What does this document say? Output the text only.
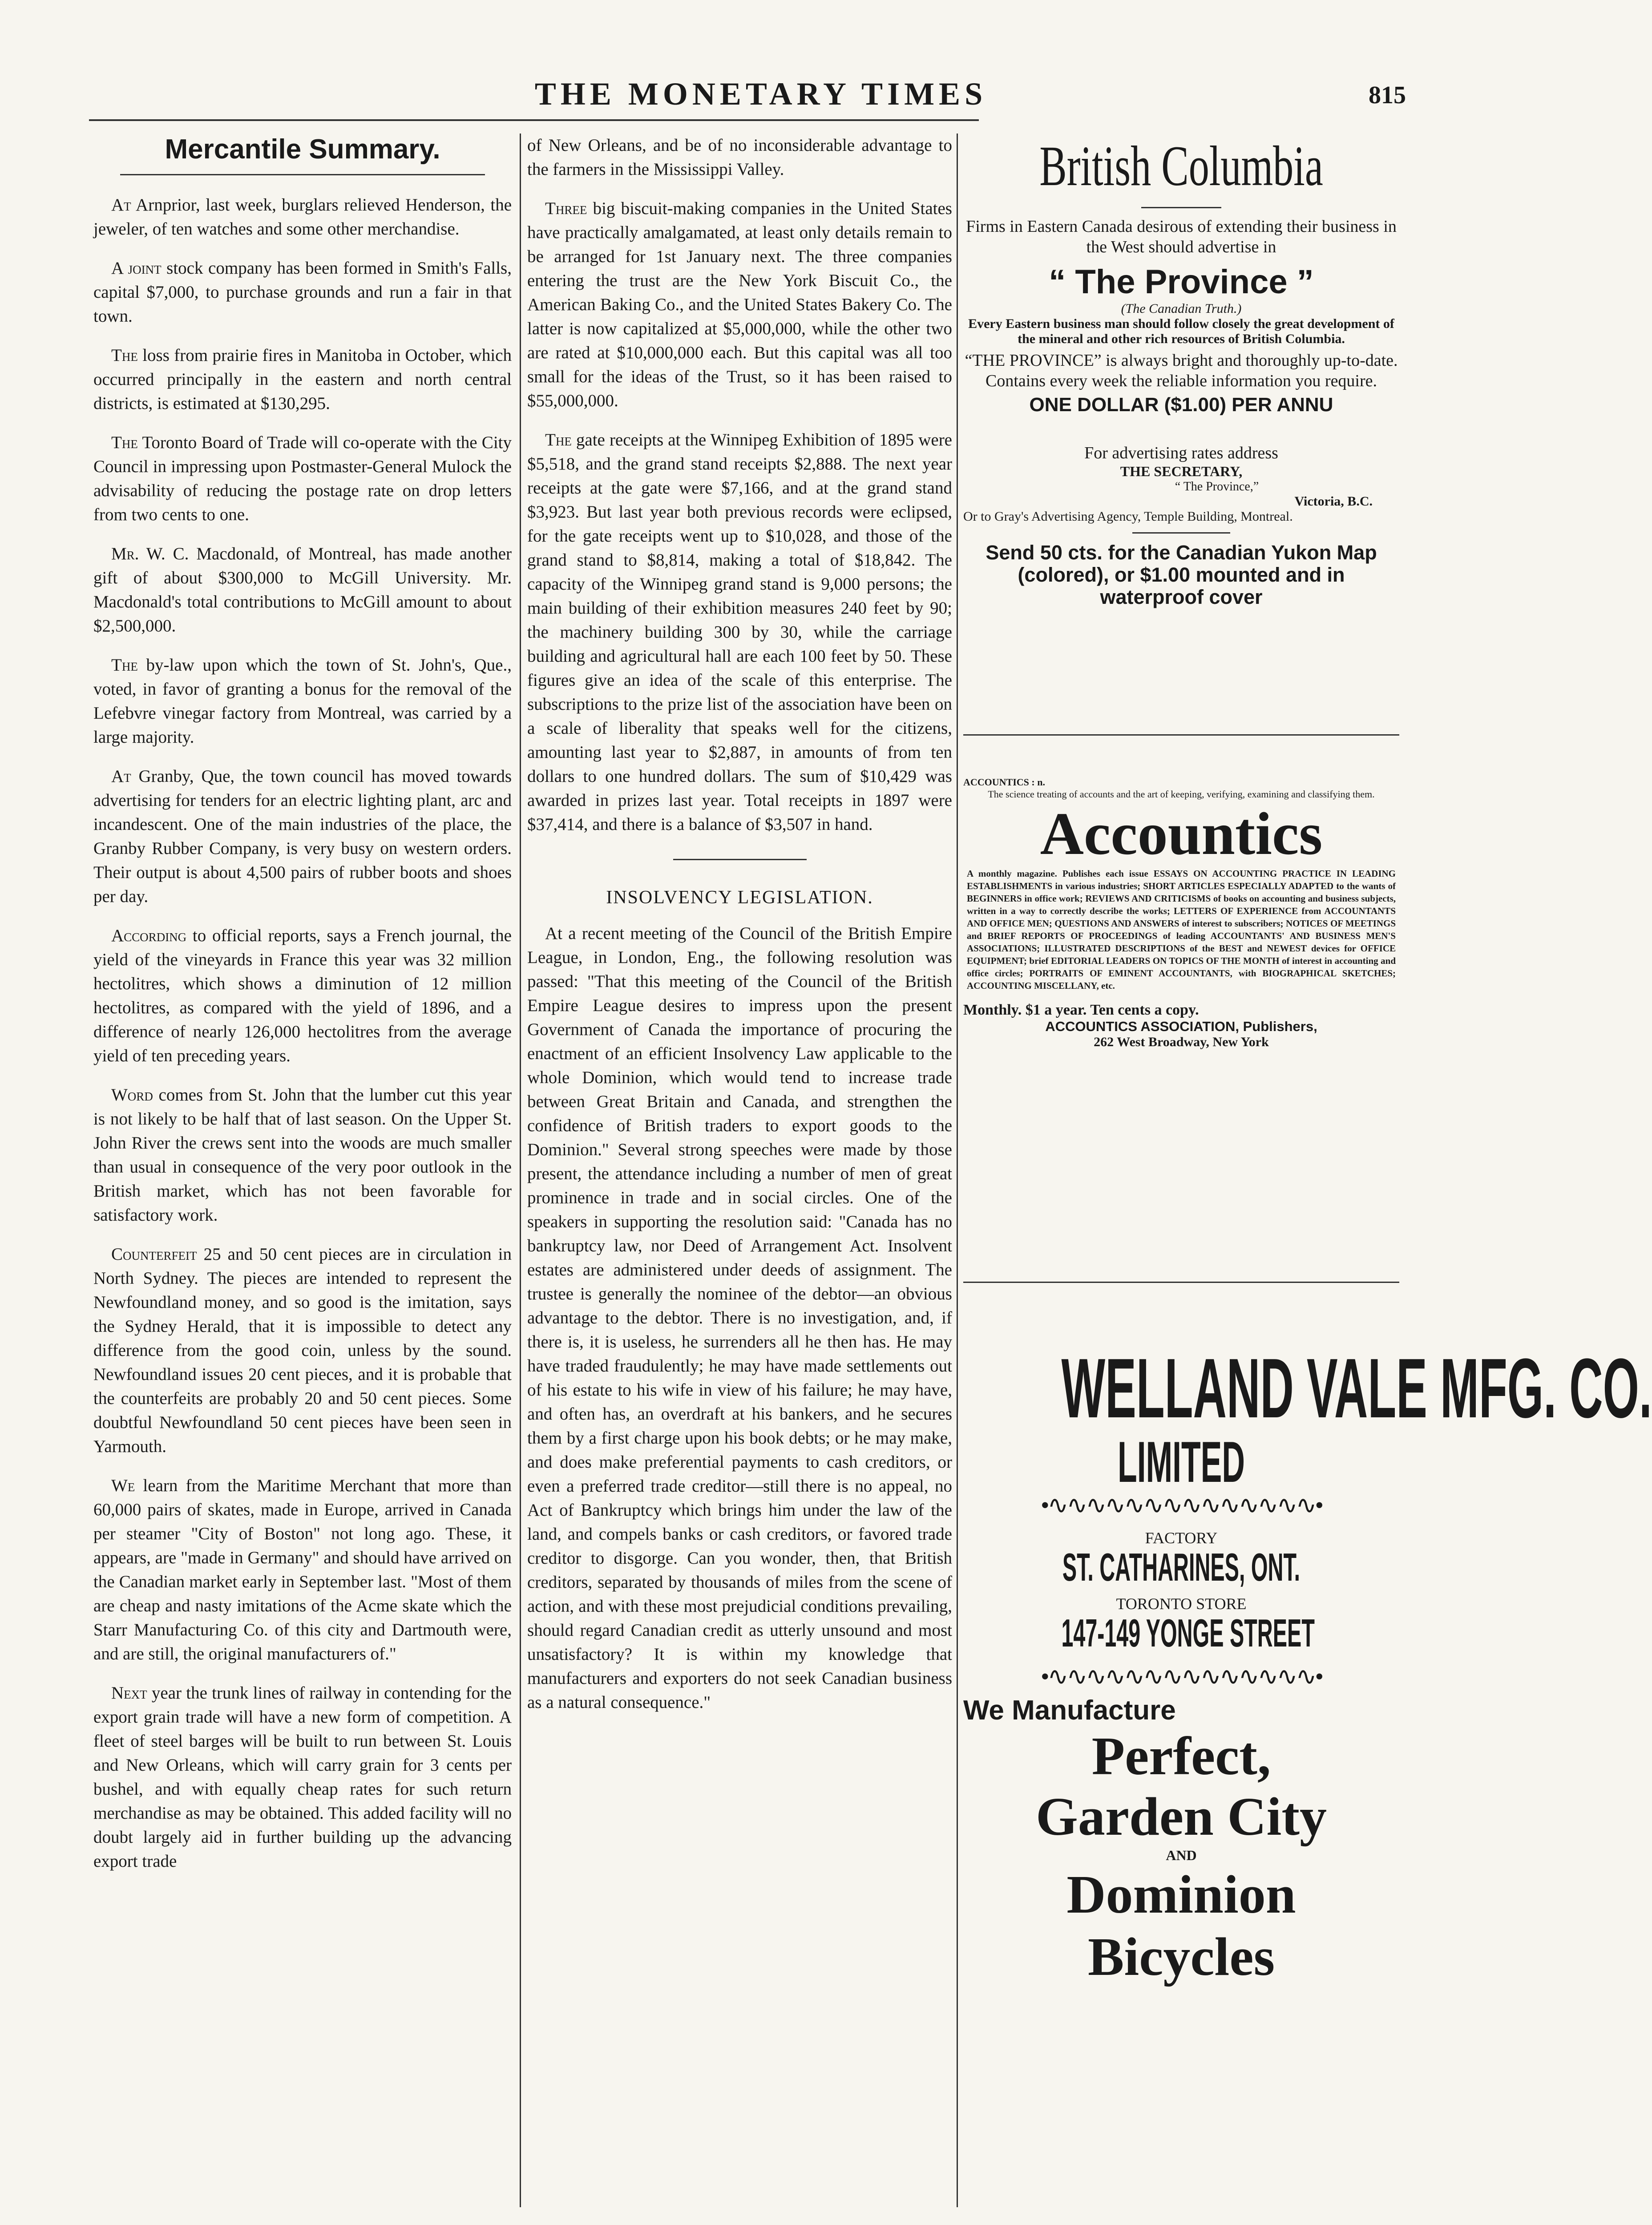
THE MONETARY TIMES	815
Mercantile Summary.
At Arnprior, last week, burglars relieved Henderson, the jeweler, of ten watches and some other merchandise.
A joint stock company has been formed in Smith's Falls, capital $7,000, to purchase grounds and run a fair in that town.
The loss from prairie fires in Manitoba in October, which occurred principally in the eastern and north central districts, is estimated at $130,295.
The Toronto Board of Trade will co-operate with the City Council in impressing upon Postmaster-General Mulock the advisability of reducing the postage rate on drop letters from two cents to one.
Mr. W. C. Macdonald, of Montreal, has made another gift of about $300,000 to McGill University. Mr. Macdonald's total contributions to McGill amount to about $2,500,000.
The by-law upon which the town of St. John's, Que., voted, in favor of granting a bonus for the removal of the Lefebvre vinegar factory from Montreal, was carried by a large majority.
At Granby, Que, the town council has moved towards advertising for tenders for an electric lighting plant, arc and incandescent. One of the main industries of the place, the Granby Rubber Company, is very busy on western orders. Their output is about 4,500 pairs of rubber boots and shoes per day.
According to official reports, says a French journal, the yield of the vineyards in France this year was 32 million hectolitres, which shows a diminution of 12 million hectolitres, as compared with the yield of 1896, and a difference of nearly 126,000 hectolitres from the average yield of ten preceding years.
Word comes from St. John that the lumber cut this year is not likely to be half that of last season. On the Upper St. John River the crews sent into the woods are much smaller than usual in consequence of the very poor outlook in the British market, which has not been favorable for satisfactory work.
Counterfeit 25 and 50 cent pieces are in circulation in North Sydney. The pieces are intended to represent the Newfoundland money, and so good is the imitation, says the Sydney Herald, that it is impossible to detect any difference from the good coin, unless by the sound. Newfoundland issues 20 cent pieces, and it is probable that the counterfeits are probably 20 and 50 cent pieces. Some doubtful Newfoundland 50 cent pieces have been seen in Yarmouth.
We learn from the Maritime Merchant that more than 60,000 pairs of skates, made in Europe, arrived in Canada per steamer "City of Boston" not long ago. These, it appears, are "made in Germany" and should have arrived on the Canadian market early in September last. "Most of them are cheap and nasty imitations of the Acme skate which the Starr Manufacturing Co. of this city and Dartmouth were, and are still, the original manufacturers of."
Next year the trunk lines of railway in contending for the export grain trade will have a new form of competition. A fleet of steel barges will be built to run between St. Louis and New Orleans, which will carry grain for 3 cents per bushel, and with equally cheap rates for such return merchandise as may be obtained. This added facility will no doubt largely aid in further building up the advancing export trade
of New Orleans, and be of no inconsiderable advantage to the farmers in the Mississippi Valley.
Three big biscuit-making companies in the United States have practically amalgamated, at least only details remain to be arranged for 1st January next. The three companies entering the trust are the New York Biscuit Co., the American Baking Co., and the United States Bakery Co. The latter is now capitalized at $5,000,000, while the other two are rated at $10,000,000 each. But this capital was all too small for the ideas of the Trust, so it has been raised to $55,000,000.
The gate receipts at the Winnipeg Exhibition of 1895 were $5,518, and the grand stand receipts $2,888. The next year receipts at the gate were $7,166, and at the grand stand $3,923. But last year both previous records were eclipsed, for the gate receipts went up to $10,028, and those of the grand stand to $8,814, making a total of $18,842. The capacity of the Winnipeg grand stand is 9,000 persons; the main building of their exhibition measures 240 feet by 90; the machinery building 300 by 30, while the carriage building and agricultural hall are each 100 feet by 50. These figures give an idea of the scale of this enterprise. The subscriptions to the prize list of the association have been on a scale of liberality that speaks well for the citizens, amounting last year to $2,887, in amounts of from ten dollars to one hundred dollars. The sum of $10,429 was awarded in prizes last year. Total receipts in 1897 were $37,414, and there is a balance of $3,507 in hand.
INSOLVENCY LEGISLATION.
At a recent meeting of the Council of the British Empire League, in London, Eng., the following resolution was passed: "That this meeting of the Council of the British Empire League desires to impress upon the present Government of Canada the importance of procuring the enactment of an efficient Insolvency Law applicable to the whole Dominion, which would tend to increase trade between Great Britain and Canada, and strengthen the confidence of British traders to export goods to the Dominion." Several strong speeches were made by those present, the attendance including a number of men of great prominence in trade and in social circles. One of the speakers in supporting the resolution said: "Canada has no bankruptcy law, nor Deed of Arrangement Act. Insolvent estates are administered under deeds of assignment. The trustee is generally the nominee of the debtor—an obvious advantage to the debtor. There is no investigation, and, if there is, it is useless, he surrenders all he then has. He may have traded fraudulently; he may have made settlements out of his estate to his wife in view of his failure; he may have, and often has, an overdraft at his bankers, and he secures them by a first charge upon his book debts; or he may make, and does make preferential payments to cash creditors, or even a preferred trade creditor—still there is no appeal, no Act of Bankruptcy which brings him under the law of the land, and compels banks or cash creditors, or favored trade creditor to disgorge. Can you wonder, then, that British creditors, separated by thousands of miles from the scene of action, and with these most prejudicial conditions prevailing, should regard Canadian credit as utterly unsound and most unsatisfactory? It is within my knowledge that manufacturers and exporters do not seek Canadian business as a natural consequence."
British Columbia
Firms in Eastern Canada desirous of extending their business in the West should advertise in
“ The Province ”
(The Canadian Truth.)
Every Eastern business man should follow closely the great development of the mineral and other rich resources of British Columbia.
“THE PROVINCE” is always bright and thoroughly up-to-date. Contains every week the reliable information you require.
ONE DOLLAR ($1.00) PER ANNU
For advertising rates address
THE SECRETARY,
“ The Province,”
Victoria, B.C.
Or to Gray's Advertising Agency, Temple Building, Montreal.
Send 50 cts. for the Canadian Yukon Map (colored), or $1.00 mounted and in waterproof cover
ACCOUNTICS : n.
The science treating of accounts and the art of keeping, verifying, examining and classifying them.
Accountics
A monthly magazine. Publishes each issue ESSAYS ON ACCOUNTING PRACTICE IN LEADING ESTABLISHMENTS in various industries; SHORT ARTICLES ESPECIALLY ADAPTED to the wants of BEGINNERS in office work; REVIEWS AND CRITICISMS of books on accounting and business subjects, written in a way to correctly describe the works; LETTERS OF EXPERIENCE from ACCOUNTANTS AND OFFICE MEN; QUESTIONS AND ANSWERS of interest to subscribers; NOTICES OF MEETINGS and BRIEF REPORTS OF PROCEEDINGS of leading ACCOUNTANTS' AND BUSINESS MEN'S ASSOCIATIONS; ILLUSTRATED DESCRIPTIONS of the BEST and NEWEST devices for OFFICE EQUIPMENT; brief EDITORIAL LEADERS ON TOPICS OF THE MONTH of interest in accounting and office circles; PORTRAITS OF EMINENT ACCOUNTANTS, with BIOGRAPHICAL SKETCHES; ACCOUNTING MISCELLANY, etc.
Monthly. $1 a year. Ten cents a copy.
ACCOUNTICS ASSOCIATION, Publishers,
262 West Broadway, New York
WELLAND VALE MFG. CO.
LIMITED
•∿∿∿∿∿∿∿∿∿∿∿∿∿∿•
FACTORY
ST. CATHARINES, ONT.
TORONTO STORE
147-149 YONGE STREET
•∿∿∿∿∿∿∿∿∿∿∿∿∿∿•
We Manufacture
Perfect,
Garden City
AND
Dominion
Bicycles
